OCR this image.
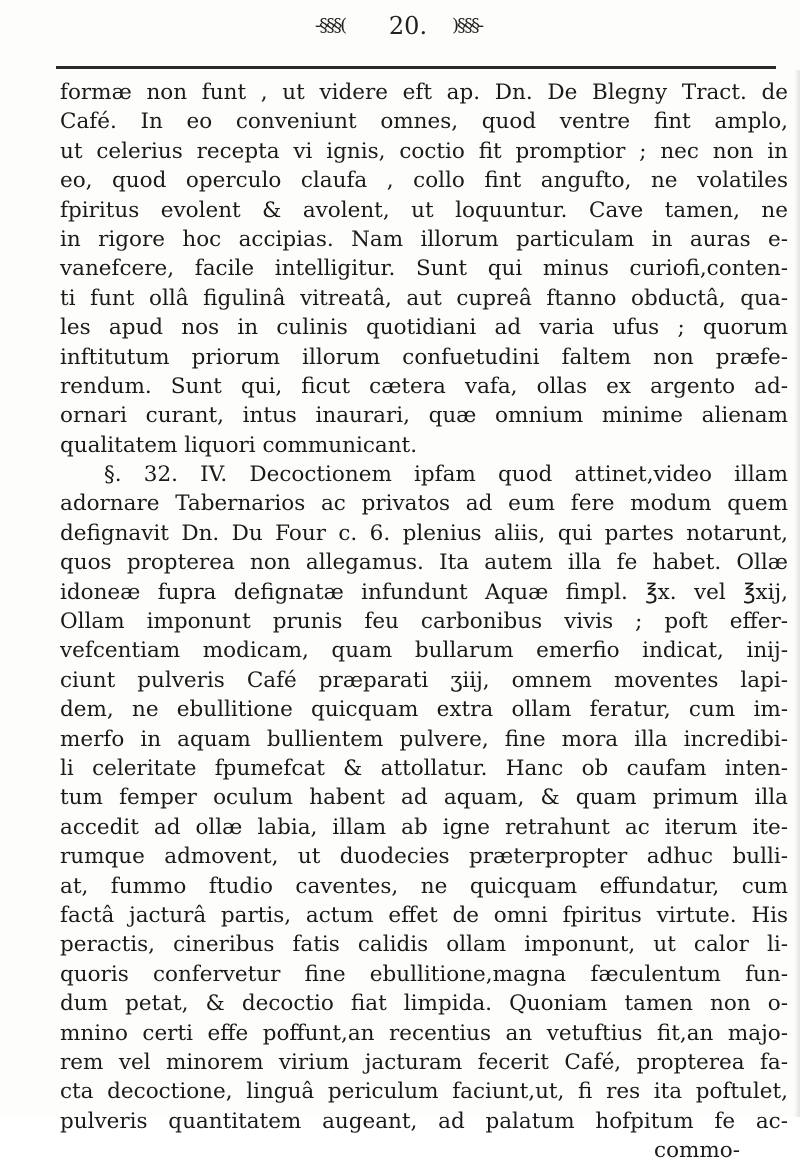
-§§§(	20.	)§§§-
formæ non funt , ut videre eft ap. Dn. De Blegny Tract. de
Café. In eo conveniunt omnes, quod ventre fint amplo,
ut celerius recepta vi ignis, coctio fit promptior ; nec non in
eo, quod operculo claufa , collo fint angufto, ne volatiles
fpiritus evolent & avolent, ut loquuntur. Cave tamen, ne
in rigore hoc accipias. Nam illorum particulam in auras e-
vanefcere, facile intelligitur. Sunt qui minus curiofi,conten-
ti funt ollâ figulinâ vitreatâ, aut cupreâ ftanno obductâ, qua-
les apud nos in culinis quotidiani ad varia ufus ; quorum
inftitutum priorum illorum confuetudini faltem non præfe-
rendum. Sunt qui, ficut cætera vafa, ollas ex argento ad-
ornari curant, intus inaurari, quæ omnium minime alienam
qualitatem liquori communicant.
§. 32. IV. Decoctionem ipfam quod attinet,video illam
adornare Tabernarios ac privatos ad eum fere modum quem
defignavit Dn. Du Four c. 6. plenius aliis, qui partes notarunt,
quos propterea non allegamus. Ita autem illa fe habet. Ollæ
idoneæ fupra defignatæ infundunt Aquæ fimpl. ℥x. vel ℥xij,
Ollam imponunt prunis feu carbonibus vivis ; poft effer-
vefcentiam modicam, quam bullarum emerfio indicat, inij-
ciunt pulveris Café præparati ʒiij, omnem moventes lapi-
dem, ne ebullitione quicquam extra ollam feratur, cum im-
merfo in aquam bullientem pulvere, fine mora illa incredibi-
li celeritate fpumefcat & attollatur. Hanc ob caufam inten-
tum femper oculum habent ad aquam, & quam primum illa
accedit ad ollæ labia, illam ab igne retrahunt ac iterum ite-
rumque admovent, ut duodecies præterpropter adhuc bulli-
at, fummo ftudio caventes, ne quicquam effundatur, cum
factâ jacturâ partis, actum effet de omni fpiritus virtute. His
peractis, cineribus fatis calidis ollam imponunt, ut calor li-
quoris confervetur fine ebullitione,magna fæculentum fun-
dum petat, & decoctio fiat limpida. Quoniam tamen non o-
mnino certi effe poffunt,an recentius an vetuftius fit,an majo-
rem vel minorem virium jacturam fecerit Café, propterea fa-
cta decoctione, linguâ periculum faciunt,ut, fi res ita poftulet,
pulveris quantitatem augeant, ad palatum hofpitum fe ac-
commo-
